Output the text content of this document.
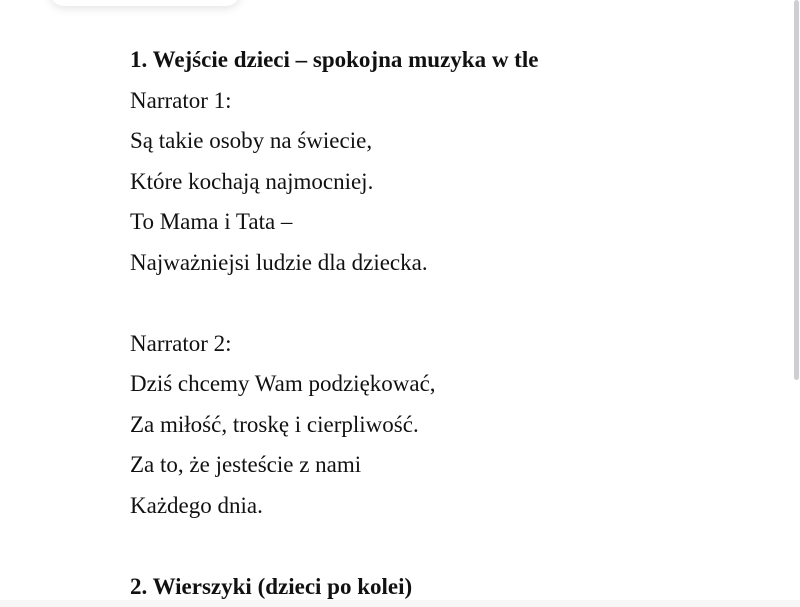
1. Wejście dzieci – spokojna muzyka w tle
Narrator 1:
Są takie osoby na świecie,
Które kochają najmocniej.
To Mama i Tata –
Najważniejsi ludzie dla dziecka.
Narrator 2:
Dziś chcemy Wam podziękować,
Za miłość, troskę i cierpliwość.
Za to, że jesteście z nami
Każdego dnia.
2. Wierszyki (dzieci po kolei)
